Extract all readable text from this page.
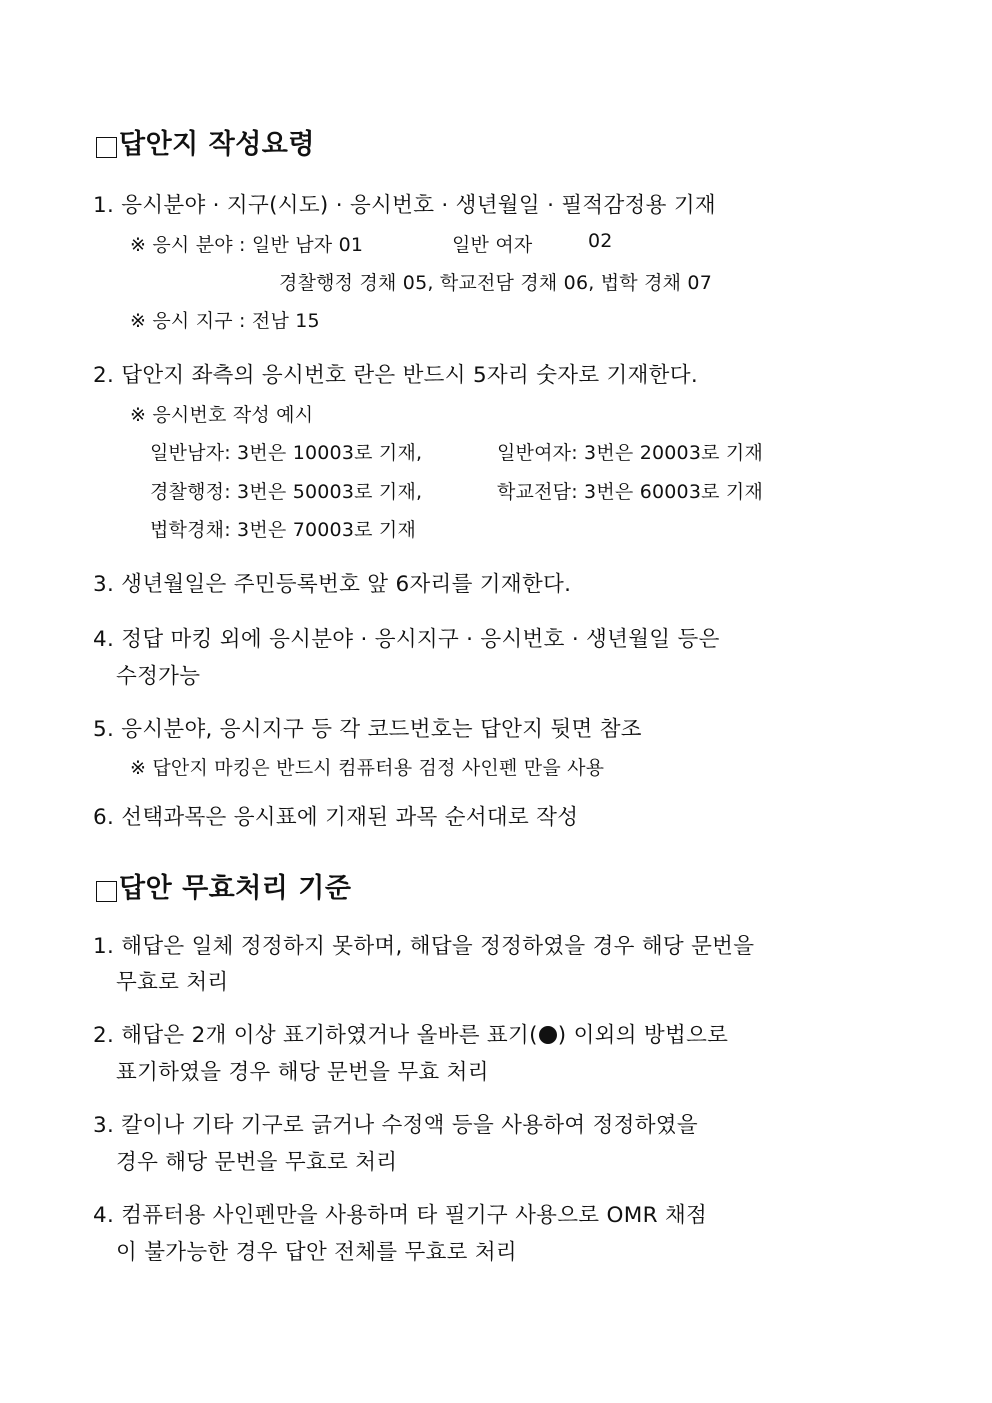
답안지 작성요령
1. 응시분야 · 지구(시도) · 응시번호 · 생년월일 · 필적감정용 기재
※ 응시 분야 : 일반 남자 01	일반 여자	02
경찰행정 경채 05, 학교전담 경채 06, 법학 경채 07
※ 응시 지구 : 전남 15
2. 답안지 좌측의 응시번호 란은 반드시 5자리 숫자로 기재한다.
※ 응시번호 작성 예시
일반남자: 3번은 10003로 기재,	일반여자: 3번은 20003로 기재
경찰행정: 3번은 50003로 기재,	학교전담: 3번은 60003로 기재
법학경채: 3번은 70003로 기재
3. 생년월일은 주민등록번호 앞 6자리를 기재한다.
4. 정답 마킹 외에 응시분야 · 응시지구 · 응시번호 · 생년월일 등은
수정가능
5. 응시분야, 응시지구 등 각 코드번호는 답안지 뒷면 참조
※ 답안지 마킹은 반드시 컴퓨터용 검정 사인펜 만을 사용
6. 선택과목은 응시표에 기재된 과목 순서대로 작성
답안 무효처리 기준
1. 해답은 일체 정정하지 못하며, 해답을 정정하였을 경우 해당 문번을
무효로 처리
2. 해답은 2개 이상 표기하였거나 올바른 표기( ) 이외의 방법으로
표기하였을 경우 해당 문번을 무효 처리
3. 칼이나 기타 기구로 긁거나 수정액 등을 사용하여 정정하였을
경우 해당 문번을 무효로 처리
4. 컴퓨터용 사인펜만을 사용하며 타 필기구 사용으로 OMR 채점
이 불가능한 경우 답안 전체를 무효로 처리
